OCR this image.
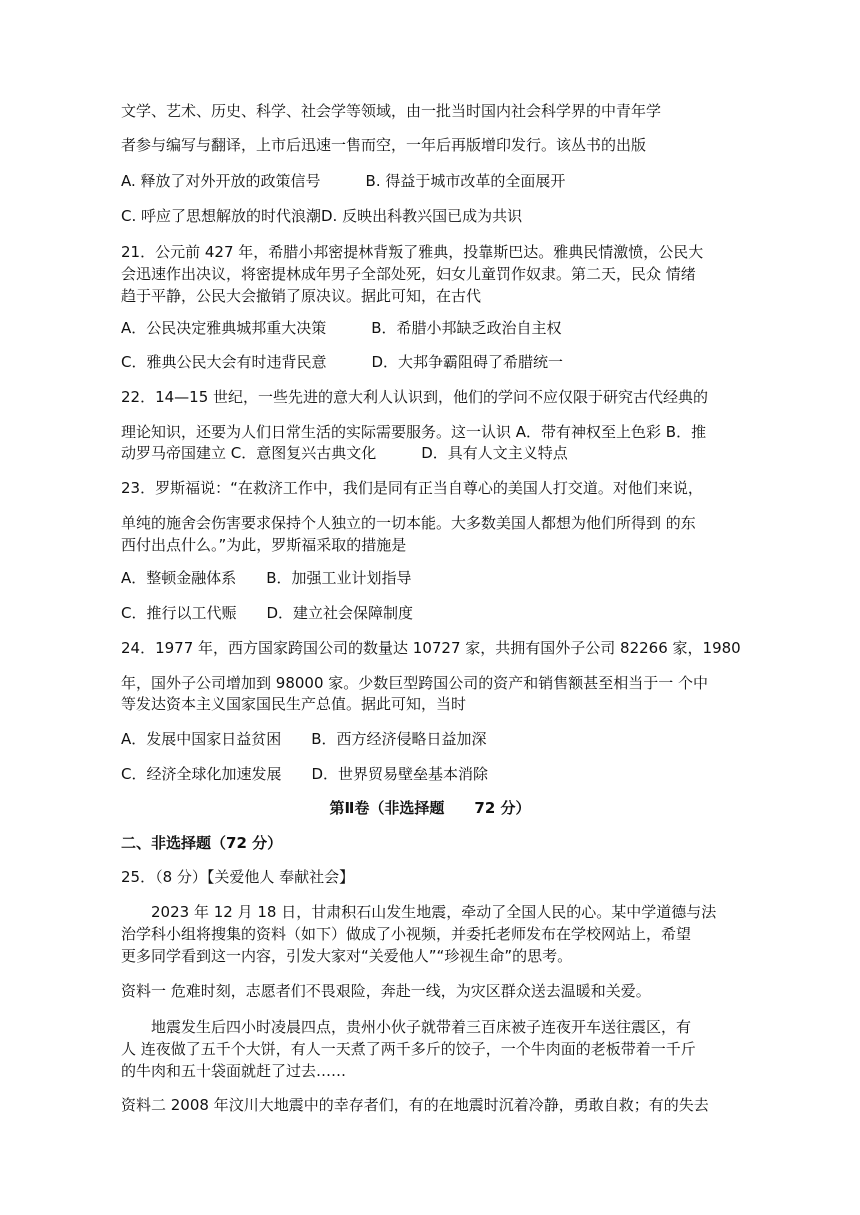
文学、艺术、历史、科学、社会学等领域，由一批当时国内社会科学界的中青年学
者参与编写与翻译，上市后迅速一售而空，一年后再版增印发行。该丛书的出版
A. 释放了对外开放的政策信号　　　B. 得益于城市改革的全面展开
C. 呼应了思想解放的时代浪潮D. 反映出科教兴国已成为共识
21．公元前 427 年，希腊小邦密提林背叛了雅典，投靠斯巴达。雅典民情激愤，公民大
会迅速作出决议，将密提林成年男子全部处死，妇女儿童罚作奴隶。第二天，民众 情绪
趋于平静，公民大会撤销了原决议。据此可知，在古代
A．公民决定雅典城邦重大决策　　　B．希腊小邦缺乏政治自主权
C．雅典公民大会有时违背民意　　　D．大邦争霸阻碍了希腊统一
22．14—15 世纪，一些先进的意大利人认识到，他们的学问不应仅限于研究古代经典的
理论知识，还要为人们日常生活的实际需要服务。这一认识 A．带有神权至上色彩 B．推
动罗马帝国建立 C．意图复兴古典文化　　　D．具有人文主义特点
23．罗斯福说：“在救济工作中，我们是同有正当自尊心的美国人打交道。对他们来说，
单纯的施舍会伤害要求保持个人独立的一切本能。大多数美国人都想为他们所得到 的东
西付出点什么。”为此，罗斯福采取的措施是
A．整顿金融体系　　B．加强工业计划指导
C．推行以工代赈　　D．建立社会保障制度
24．1977 年，西方国家跨国公司的数量达 10727 家，共拥有国外子公司 82266 家，1980
年，国外子公司增加到 98000 家。少数巨型跨国公司的资产和销售额甚至相当于一 个中
等发达资本主义国家国民生产总值。据此可知，当时
A．发展中国家日益贫困　　B．西方经济侵略日益加深
C．经济全球化加速发展　　D．世界贸易壁垒基本消除
第Ⅱ卷（非选择题　　72 分）
二、非选择题（72 分）
25．（8 分）【关爱他人 奉献社会】
2023 年 12 月 18 日，甘肃积石山发生地震，牵动了全国人民的心。某中学道德与法
治学科小组将搜集的资料（如下）做成了小视频，并委托老师发布在学校网站上，希望
更多同学看到这一内容，引发大家对“关爱他人”“珍视生命”的思考。
资料一 危难时刻，志愿者们不畏艰险，奔赴一线，为灾区群众送去温暖和关爱。
地震发生后四小时凌晨四点，贵州小伙子就带着三百床被子连夜开车送往震区，有
人 连夜做了五千个大饼，有人一天煮了两千多斤的饺子，一个牛肉面的老板带着一千斤
的牛肉和五十袋面就赶了过去……
资料二 2008 年汶川大地震中的幸存者们，有的在地震时沉着冷静，勇敢自救；有的失去
